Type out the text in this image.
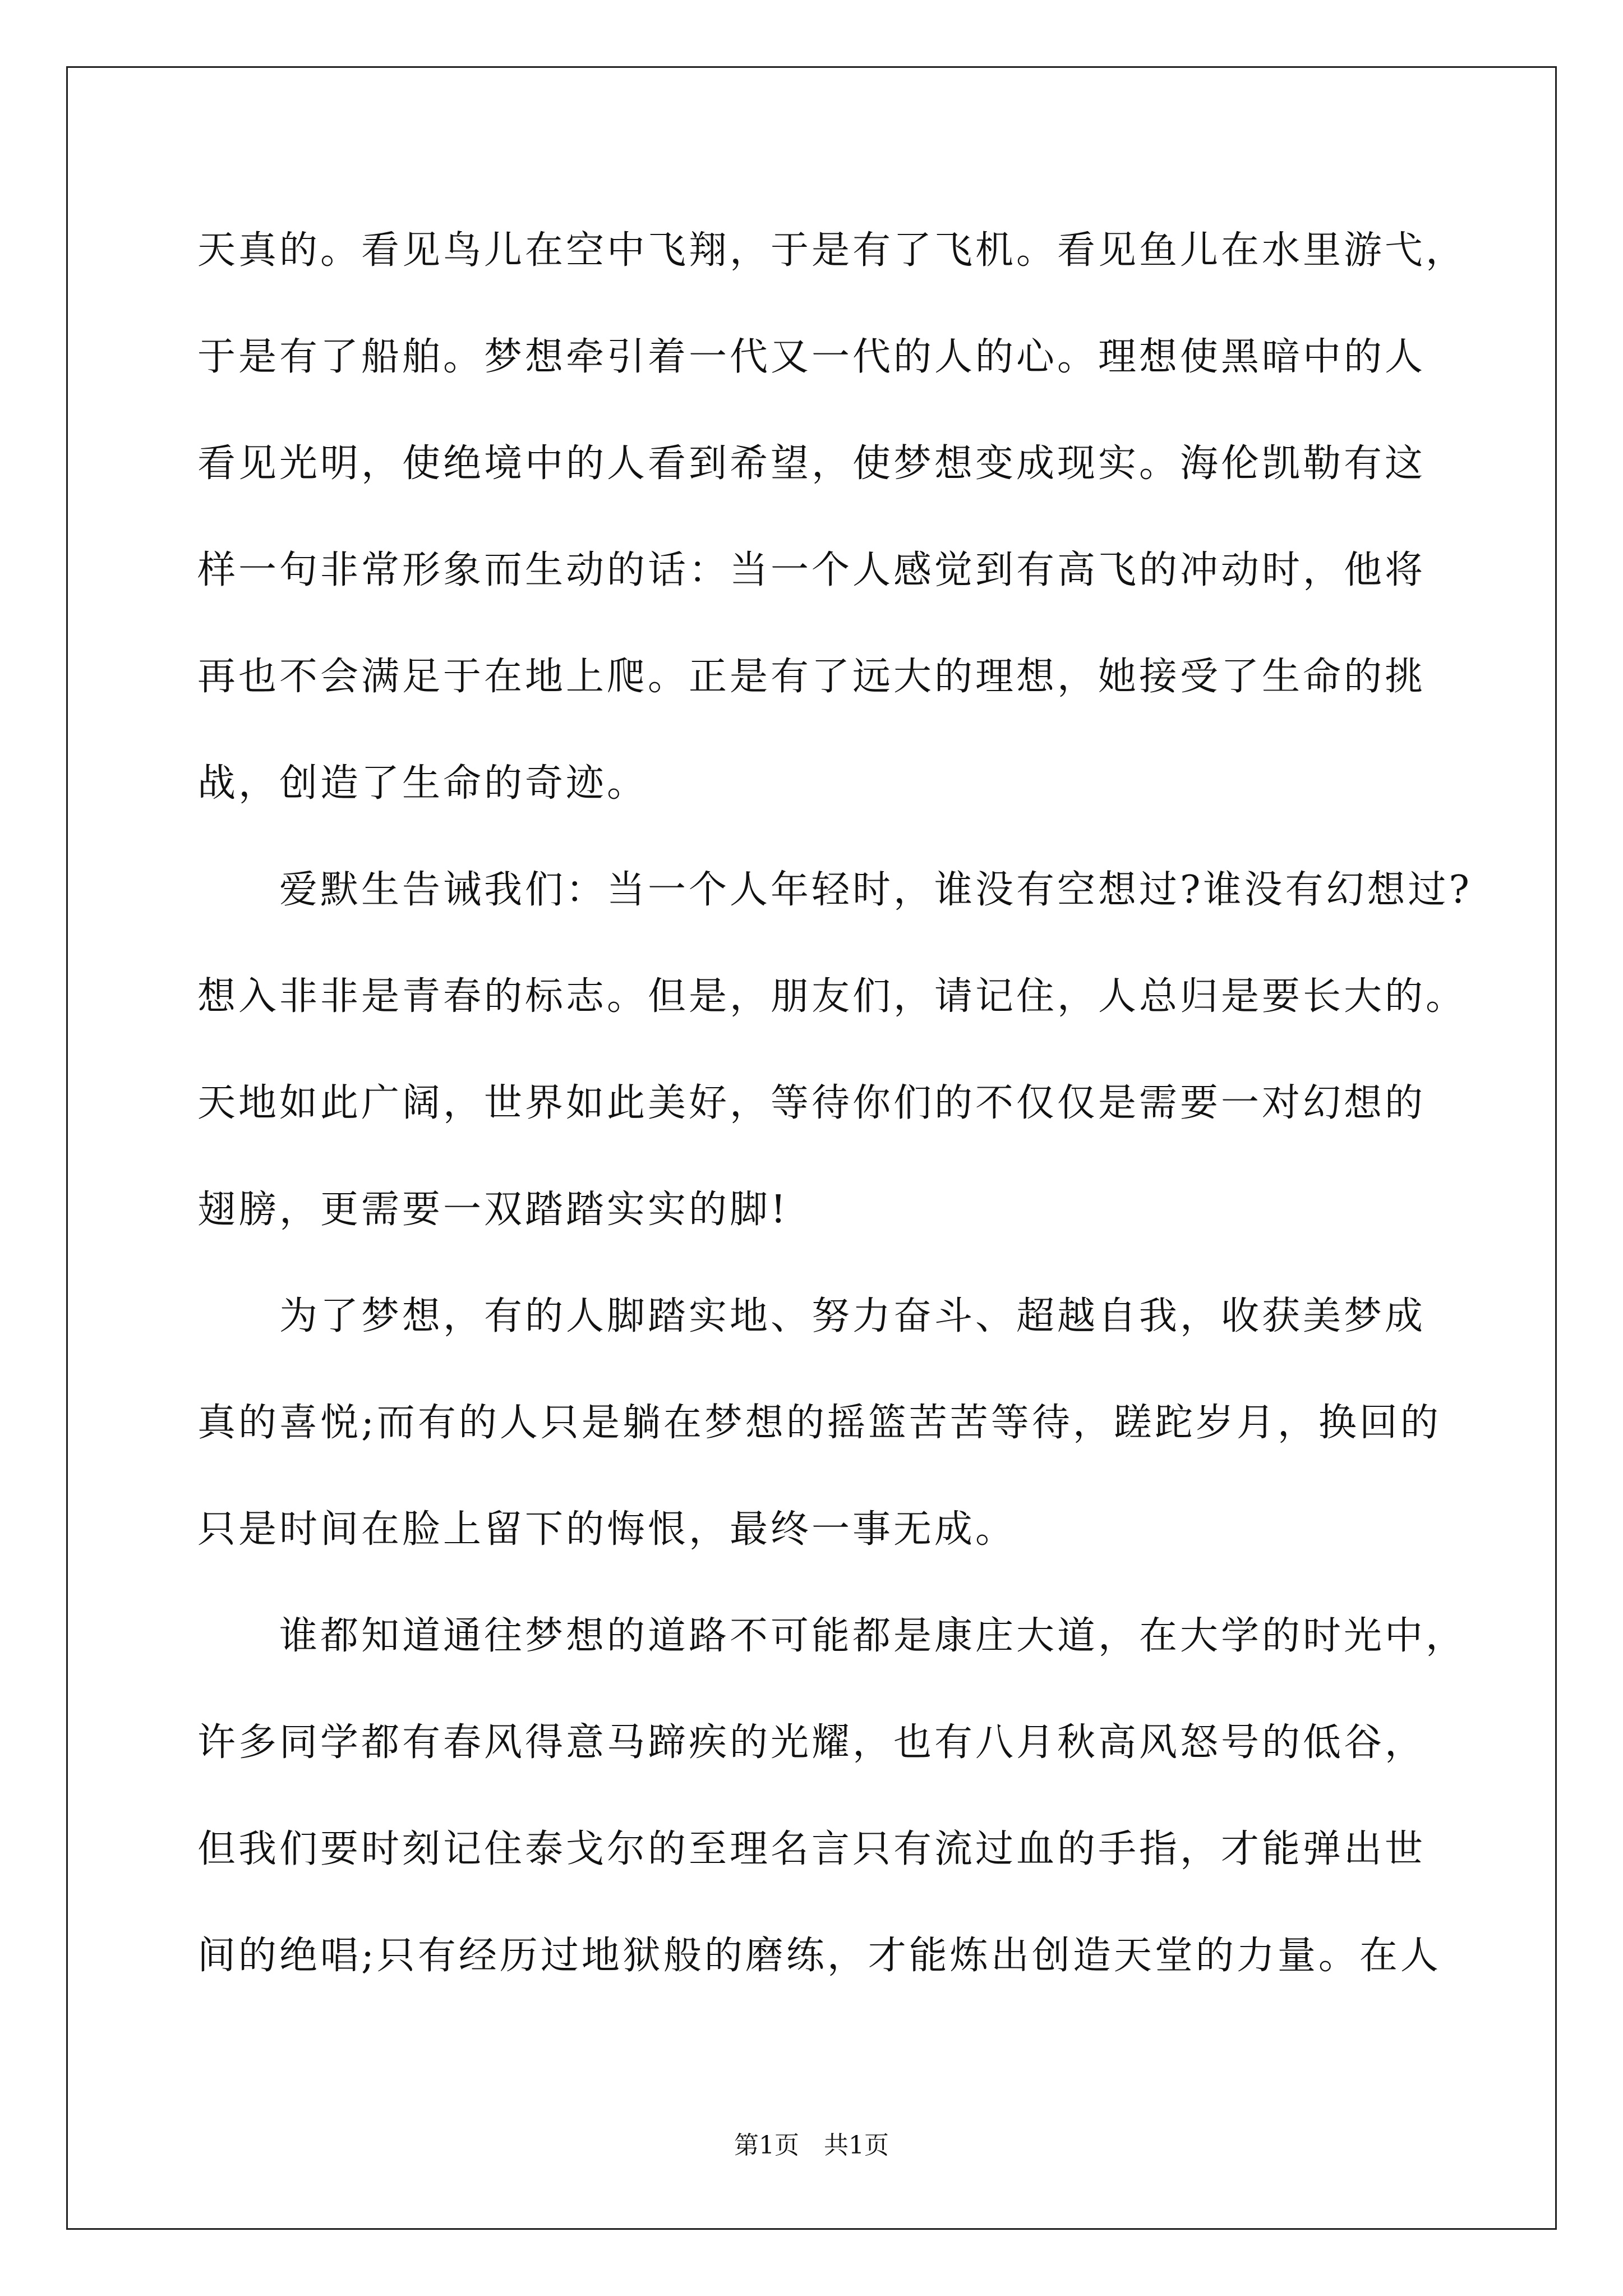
天真的。看见鸟儿在空中飞翔，于是有了飞机。看见鱼儿在水里游弋，
于是有了船舶。梦想牵引着一代又一代的人的心。理想使黑暗中的人
看见光明，使绝境中的人看到希望，使梦想变成现实。海伦凯勒有这
样一句非常形象而生动的话：当一个人感觉到有高飞的冲动时，他将
再也不会满足于在地上爬。正是有了远大的理想，她接受了生命的挑
战，创造了生命的奇迹。
　　爱默生告诫我们：当一个人年轻时，谁没有空想过?谁没有幻想过?
想入非非是青春的标志。但是，朋友们，请记住，人总归是要长大的。
天地如此广阔，世界如此美好，等待你们的不仅仅是需要一对幻想的
翅膀，更需要一双踏踏实实的脚!
　　为了梦想，有的人脚踏实地、努力奋斗、超越自我，收获美梦成
真的喜悦;而有的人只是躺在梦想的摇篮苦苦等待，蹉跎岁月，换回的
只是时间在脸上留下的悔恨，最终一事无成。
　　谁都知道通往梦想的道路不可能都是康庄大道，在大学的时光中，
许多同学都有春风得意马蹄疾的光耀，也有八月秋高风怒号的低谷，
但我们要时刻记住泰戈尔的至理名言只有流过血的手指，才能弹出世
间的绝唱;只有经历过地狱般的磨练，才能炼出创造天堂的力量。在人
第1页　共1页
